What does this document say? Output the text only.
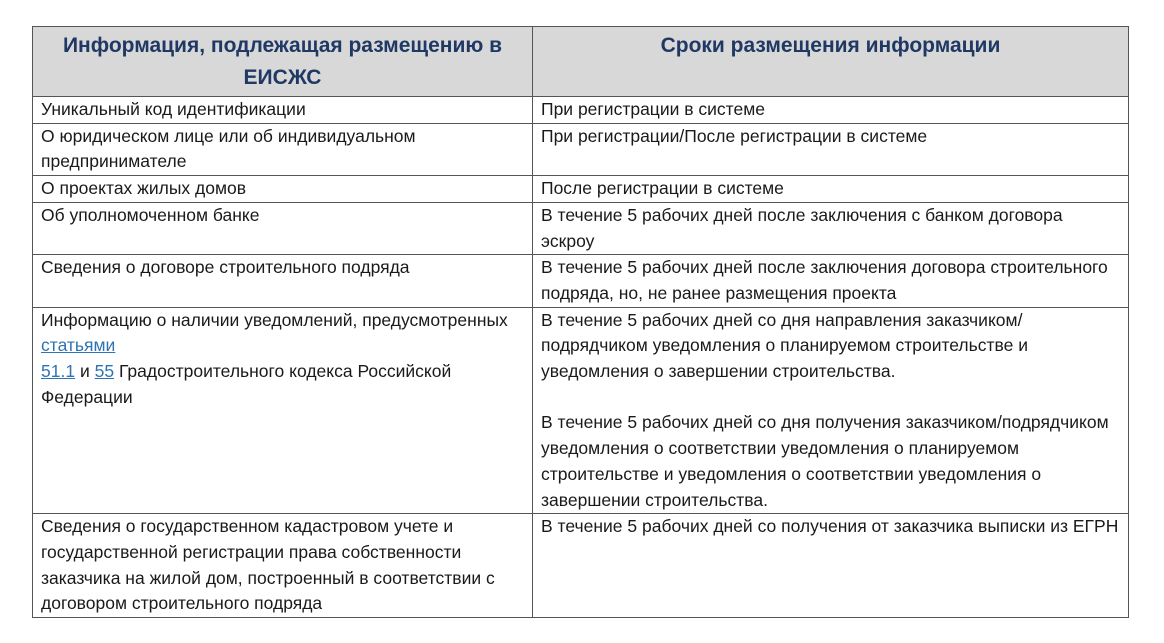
Информация, подлежащая размещению в ЕИСЖС	Сроки размещения информации
Уникальный код идентификации	При регистрации в системе
О юридическом лице или об индивидуальном предпринимателе	При регистрации/После регистрации в системе
О проектах жилых домов	После регистрации в системе
Об уполномоченном банке	В течение 5 рабочих дней после заключения с банком договора эскроу
Сведения о договоре строительного подряда	В течение 5 рабочих дней после заключения договора строительного подряда, но, не ранее размещения проекта
Информацию о наличии уведомлений, предусмотренных статьями
51.1 и 55 Градостроительного кодекса Российской Федерации	В течение 5 рабочих дней со дня направления заказчиком/подрядчиком уведомления о планируемом строительстве и уведомления о завершении строительства.
В течение 5 рабочих дней со дня получения заказчиком/подрядчиком уведомления о соответствии уведомления о планируемом строительстве и уведомления о соответствии уведомления о завершении строительства.

Сведения о государственном кадастровом учете и государственной регистрации права собственности заказчика на жилой дом, построенный в соответствии с договором строительного подряда	В течение 5 рабочих дней со получения от заказчика выписки из ЕГРН
